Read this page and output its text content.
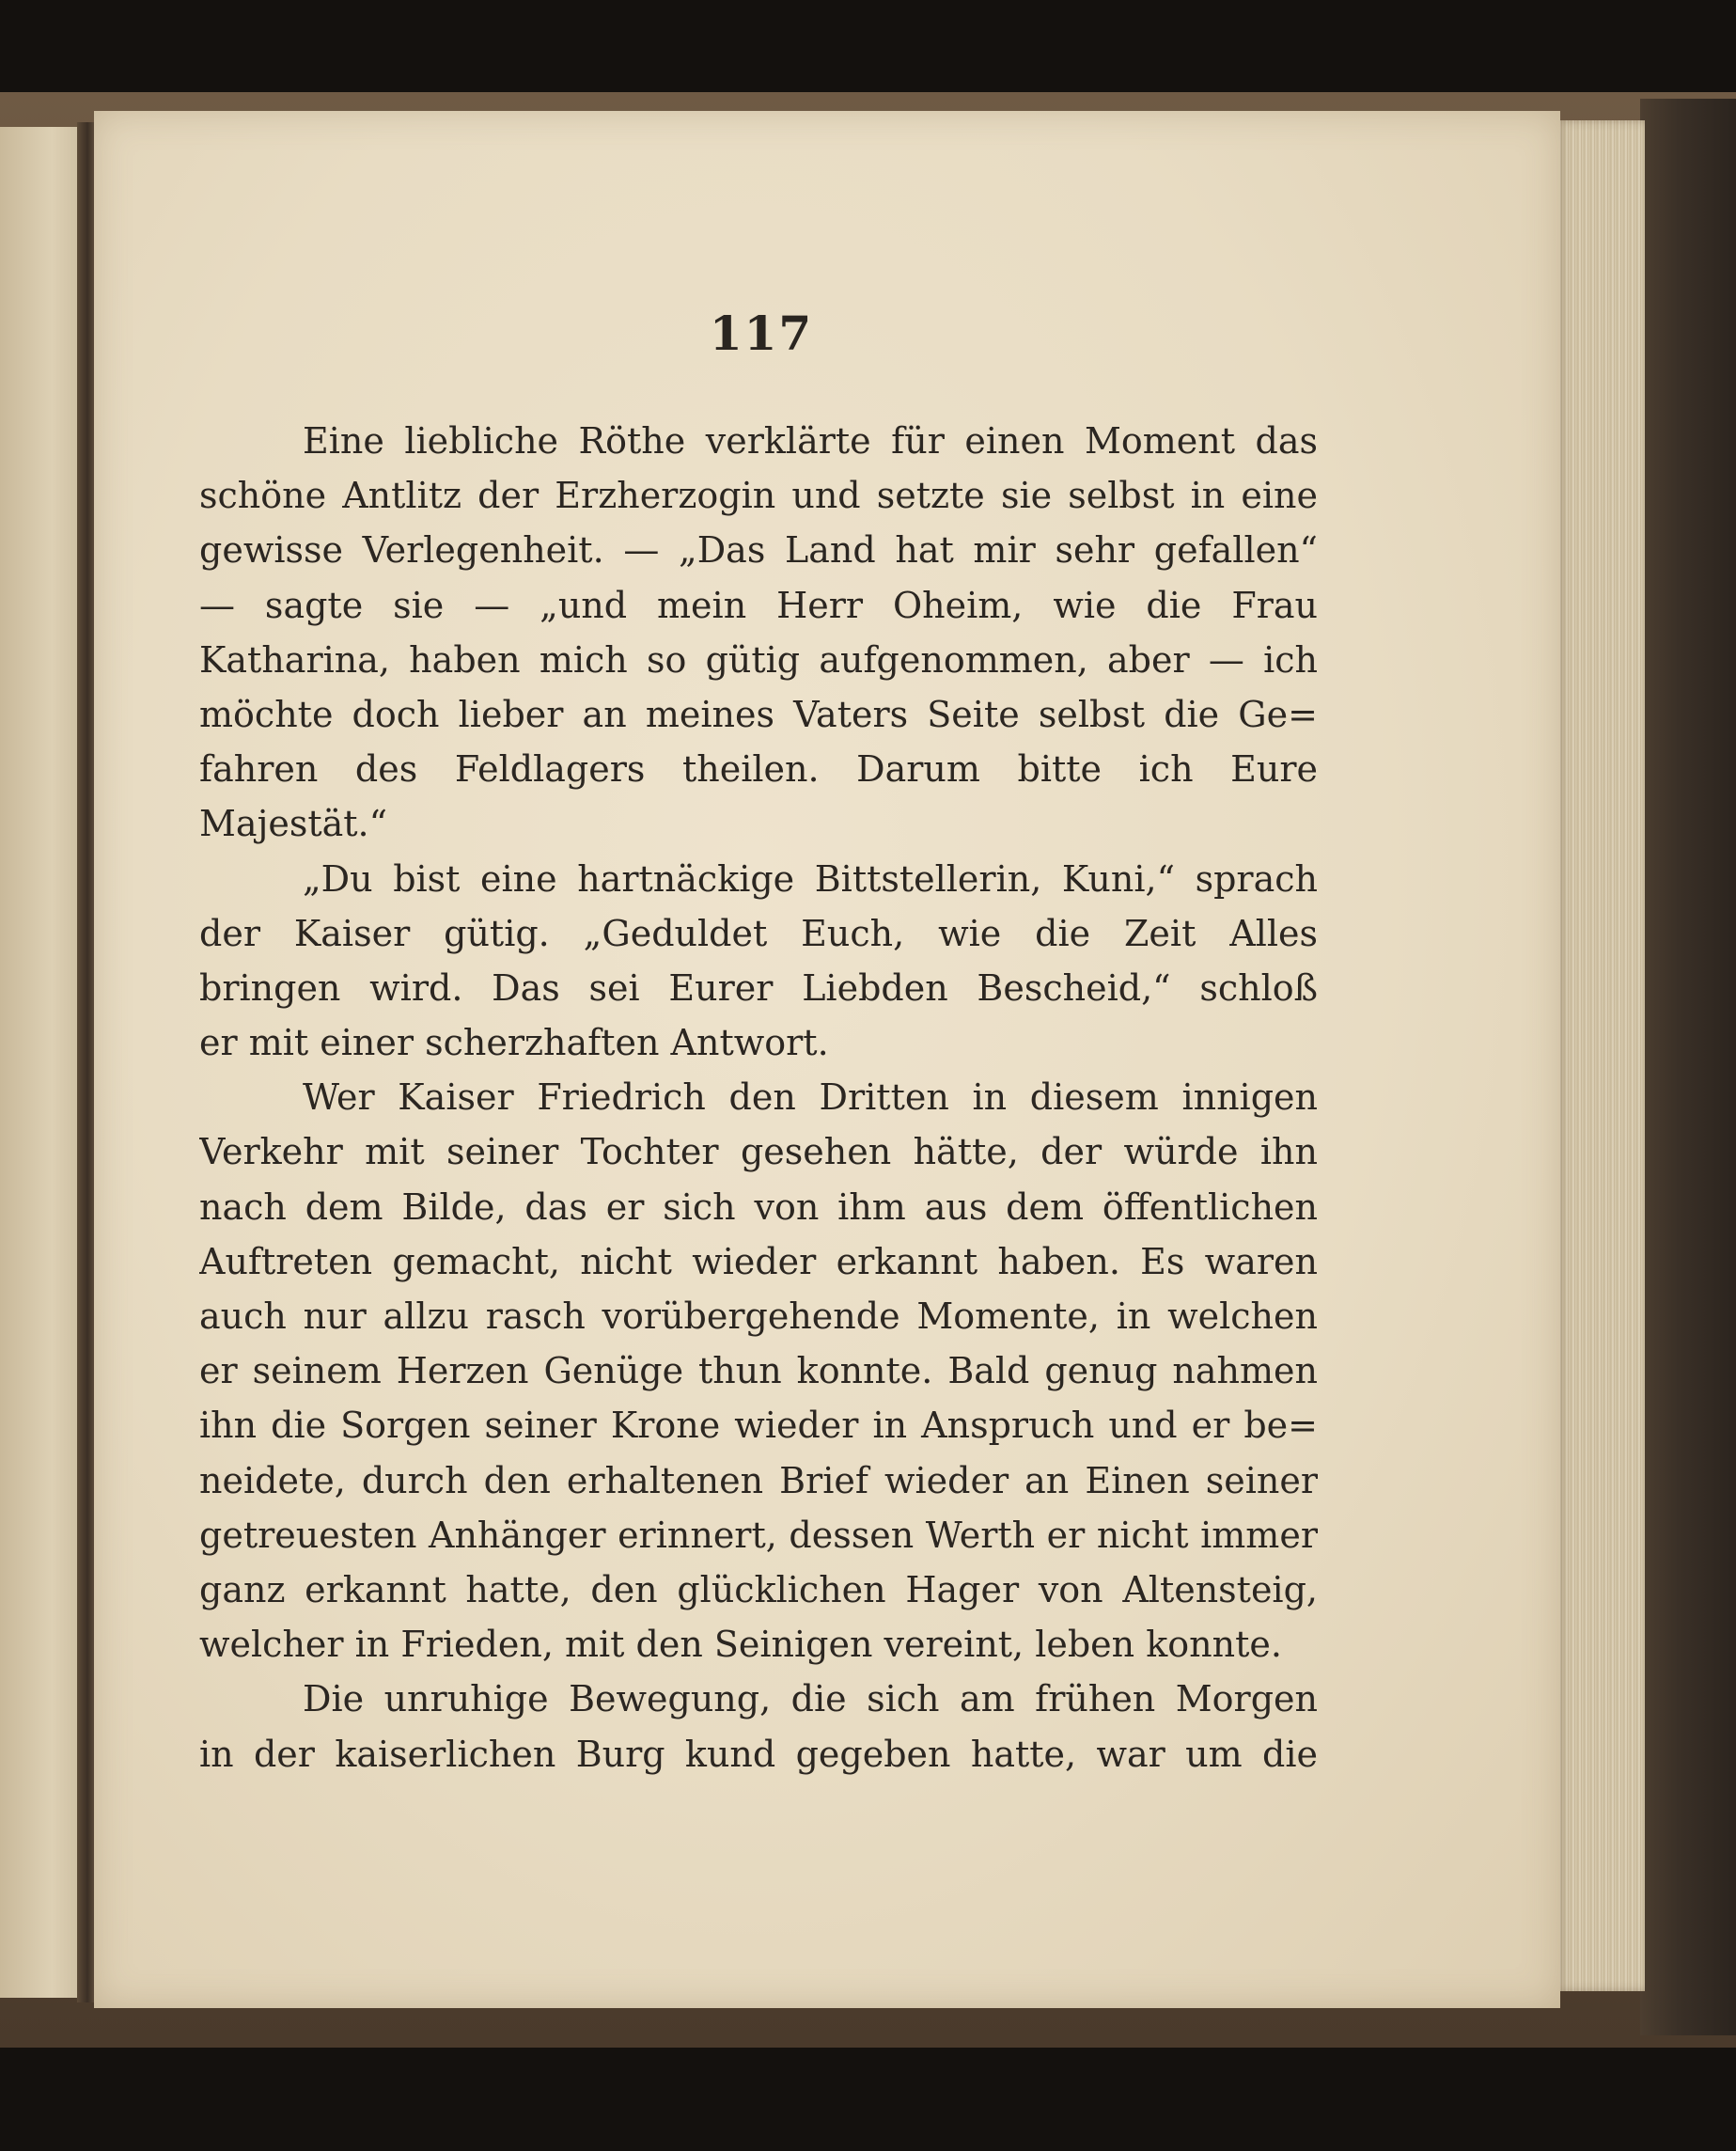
117
Eine liebliche Röthe verklärte für einen Moment das
schöne Antlitz der Erzherzogin und setzte sie selbst in eine
gewisse Verlegenheit. — „Das Land hat mir sehr gefallen“
— sagte sie — „und mein Herr Oheim, wie die Frau
Katharina, haben mich so gütig aufgenommen, aber — ich
möchte doch lieber an meines Vaters Seite selbst die Ge=
fahren des Feldlagers theilen. Darum bitte ich Eure
Majestät.“
„Du bist eine hartnäckige Bittstellerin, Kuni,“ sprach
der Kaiser gütig. „Geduldet Euch, wie die Zeit Alles
bringen wird. Das sei Eurer Liebden Bescheid,“ schloß
er mit einer scherzhaften Antwort.
Wer Kaiser Friedrich den Dritten in diesem innigen
Verkehr mit seiner Tochter gesehen hätte, der würde ihn
nach dem Bilde, das er sich von ihm aus dem öffentlichen
Auftreten gemacht, nicht wieder erkannt haben. Es waren
auch nur allzu rasch vorübergehende Momente, in welchen
er seinem Herzen Genüge thun konnte. Bald genug nahmen
ihn die Sorgen seiner Krone wieder in Anspruch und er be=
neidete, durch den erhaltenen Brief wieder an Einen seiner
getreuesten Anhänger erinnert, dessen Werth er nicht immer
ganz erkannt hatte, den glücklichen Hager von Altensteig,
welcher in Frieden, mit den Seinigen vereint, leben konnte.
Die unruhige Bewegung, die sich am frühen Morgen
in der kaiserlichen Burg kund gegeben hatte, war um die
